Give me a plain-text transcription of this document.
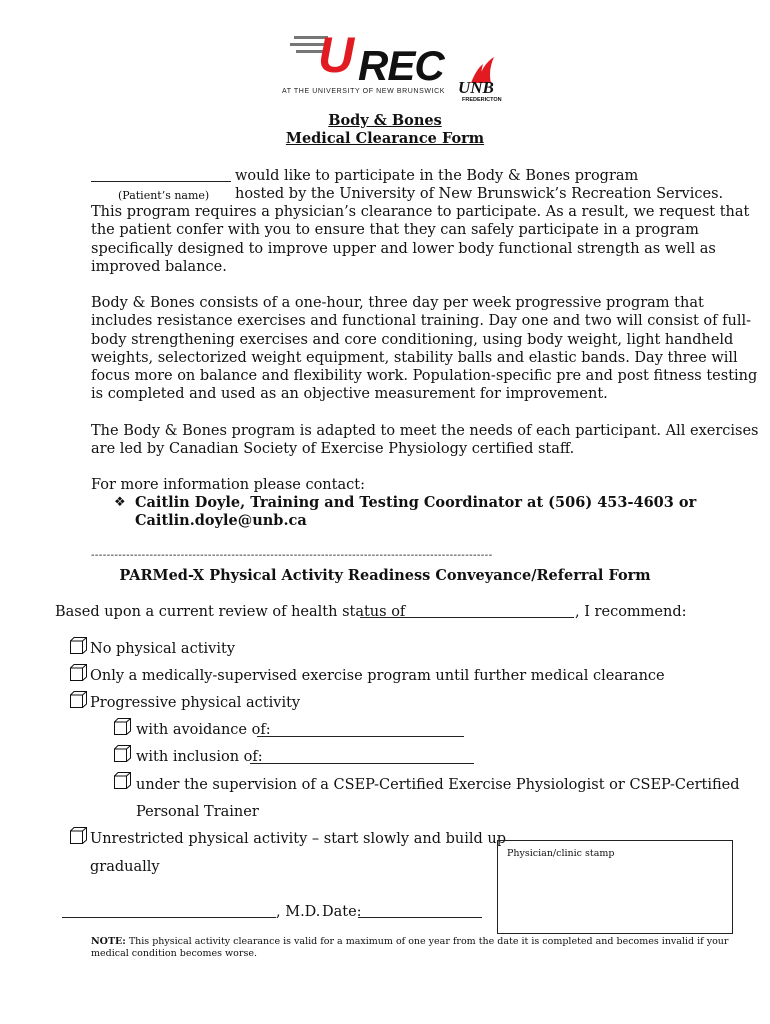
U REC
AT THE UNIVERSITY OF NEW BRUNSWICK UNB
FREDERICTON
Body & Bones
Medical Clearance Form
would like to participate in the Body & Bones program
(Patient’s name) hosted by the University of New Brunswick’s Recreation Services.
This program requires a physician’s clearance to participate. As a result, we request that
the patient confer with you to ensure that they can safely participate in a program
specifically designed to improve upper and lower body functional strength as well as
improved balance.
Body & Bones consists of a one-hour, three day per week progressive program that
includes resistance exercises and functional training. Day one and two will consist of full-
body strengthening exercises and core conditioning, using body weight, light handheld
weights, selectorized weight equipment, stability balls and elastic bands. Day three will
focus more on balance and flexibility work. Population-specific pre and post fitness testing
is completed and used as an objective measurement for improvement.
The Body & Bones program is adapted to meet the needs of each participant. All exercises
are led by Canadian Society of Exercise Physiology certified staff.
For more information please contact:
❖ Caitlin Doyle, Training and Testing Coordinator at (506) 453-4603 or
Caitlin.doyle@unb.ca
-------------------------------------------------------------------------------------------------------
PARMed-X Physical Activity Readiness Conveyance/Referral Form
Based upon a current review of health status of	, I recommend:
No physical activity
Only a medically-supervised exercise program until further medical clearance
Progressive physical activity
with avoidance of:
with inclusion of:
under the supervision of a CSEP-Certified Exercise Physiologist or CSEP-Certified
Personal Trainer
Unrestricted physical activity – start slowly and build up
gradually
Physician/clinic stamp
, M.D. Date:
NOTE: This physical activity clearance is valid for a maximum of one year from the date it is completed and becomes invalid if your
medical condition becomes worse.
